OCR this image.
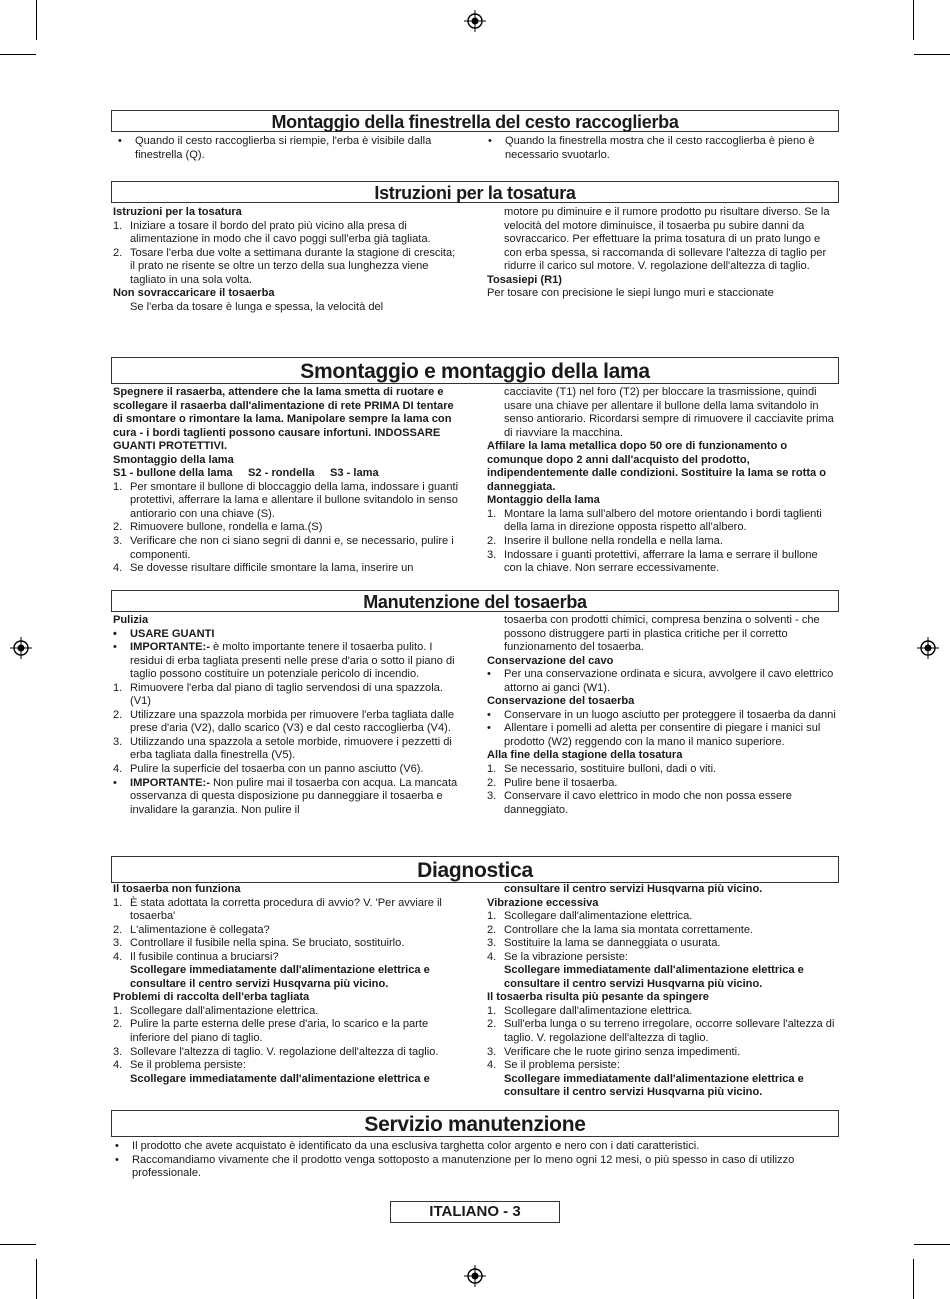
Montaggio della finestrella del cesto raccoglierba
• Quando il cesto raccoglierba si riempie, l'erba è visibile dalla finestrella (Q).
• Quando la finestrella mostra che il cesto raccoglierba è pieno è necessario svuotarlo.
Istruzioni per la tosatura

Istruzioni per la tosatura

1. Iniziare a tosare il bordo del prato più vicino alla presa di alimentazione in modo che il cavo poggi sull'erba già tagliata.
2. Tosare l'erba due volte a settimana durante la stagione di crescita; il prato ne risente se oltre un terzo della sua lunghezza viene tagliato in una sola volta.

Non sovraccaricare il tosaerba

Se l'erba da tosare è lunga e spessa, la velocità del

motore pu diminuire e il rumore prodotto pu risultare diverso. Se la velocità del motore diminuisce, il tosaerba pu subire danni da sovraccarico. Per effettuare la prima tosatura di un prato lungo e con erba spessa, si raccomanda di sollevare l'altezza di taglio per ridurre il carico sul motore. V. regolazione dell'altezza di taglio.

Tosasiepi (R1)

Per tosare con precisione le siepi lungo muri e staccionate

Smontaggio e montaggio della lama

Spegnere il rasaerba, attendere che la lama smetta di ruotare e scollegare il rasaerba dall'alimentazione di rete PRIMA DI tentare di smontare o rimontare la lama. Manipolare sempre la lama con cura - i bordi taglienti possono causare infortuni. INDOSSARE GUANTI PROTETTIVI.

Smontaggio della lama

S1 - bullone della lama     S2 - rondella     S3 - lama

1. Per smontare il bullone di bloccaggio della lama, indossare i guanti protettivi, afferrare la lama e allentare il bullone svitandolo in senso antiorario con una chiave (S).
2. Rimuovere bullone, rondella e lama.(S)
3. Verificare che non ci siano segni di danni e, se necessario, pulire i componenti.
4. Se dovesse risultare difficile smontare la lama, inserire un

cacciavite (T1) nel foro (T2) per bloccare la trasmissione, quindi usare una chiave per allentare il bullone della lama svitandolo in senso antiorario. Ricordarsi sempre di rimuovere il cacciavite prima di riavviare la macchina.

Affilare la lama metallica dopo 50 ore di funzionamento o comunque dopo 2 anni dall'acquisto del prodotto, indipendentemente dalle condizioni. Sostituire la lama se rotta o danneggiata.

Montaggio della lama

1. Montare la lama sull'albero del motore orientando i bordi taglienti della lama in direzione opposta rispetto all'albero.
2. Inserire il bullone nella rondella e nella lama.
3. Indossare i guanti protettivi, afferrare la lama e serrare il bullone con la chiave. Non serrare eccessivamente.
Manutenzione del tosaerba

Pulizia

• USARE GUANTI
• IMPORTANTE:- è molto importante tenere il tosaerba pulito. I residui di erba tagliata presenti nelle prese d'aria o sotto il piano di taglio possono costituire un potenziale pericolo di incendio.
1. Rimuovere l'erba dal piano di taglio servendosi di una spazzola. (V1)
2. Utilizzare una spazzola morbida per rimuovere l'erba tagliata dalle prese d'aria (V2), dallo scarico (V3) e dal cesto raccoglierba (V4).
3. Utilizzando una spazzola a setole morbide, rimuovere i pezzetti di erba tagliata dalla finestrella (V5).
4. Pulire la superficie del tosaerba con un panno asciutto (V6).
• IMPORTANTE:- Non pulire mai il tosaerba con acqua. La mancata osservanza di questa disposizione pu danneggiare il tosaerba e invalidare la garanzia. Non pulire il

tosaerba con prodotti chimici, compresa benzina o solventi - che possono distruggere parti in plastica critiche per il corretto funzionamento del tosaerba.

Conservazione del cavo

• Per una conservazione ordinata e sicura, avvolgere il cavo elettrico attorno ai ganci (W1).

Conservazione del tosaerba

• Conservare in un luogo asciutto per proteggere il tosaerba da danni
• Allentare i pomelli ad aletta per consentire di piegare i manici sul prodotto (W2) reggendo con la mano il manico superiore.

Alla fine della stagione della tosatura

1. Se necessario, sostituire bulloni, dadi o viti.
2. Pulire bene il tosaerba.
3. Conservare il cavo elettrico in modo che non possa essere danneggiato.
Diagnostica

Il tosaerba non funziona

1. È stata adottata la corretta procedura di avvio? V. 'Per avviare il tosaerba'
2. L'alimentazione è collegata?
3. Controllare il fusibile nella spina. Se bruciato, sostituirlo.
4. Il fusibile continua a bruciarsi?

Scollegare immediatamente dall'alimentazione elettrica e consultare il centro servizi Husqvarna più vicino.

Problemi di raccolta dell'erba tagliata

1. Scollegare dall'alimentazione elettrica.
2. Pulire la parte esterna delle prese d'aria, lo scarico e la parte inferiore del piano di taglio.
3. Sollevare l'altezza di taglio. V. regolazione dell'altezza di taglio.
4. Se il problema persiste:

Scollegare immediatamente dall'alimentazione elettrica e

consultare il centro servizi Husqvarna più vicino.

Vibrazione eccessiva

1. Scollegare dall'alimentazione elettrica.
2. Controllare che la lama sia montata correttamente.
3. Sostituire la lama se danneggiata o usurata.
4. Se la vibrazione persiste:

Scollegare immediatamente dall'alimentazione elettrica e consultare il centro servizi Husqvarna più vicino.

Il tosaerba risulta più pesante da spingere

1. Scollegare dall'alimentazione elettrica.
2. Sull'erba lunga o su terreno irregolare, occorre sollevare l'altezza di taglio. V. regolazione dell'altezza di taglio.
3. Verificare che le ruote girino senza impedimenti.
4. Se il problema persiste:

Scollegare immediatamente dall'alimentazione elettrica e consultare il centro servizi Husqvarna più vicino.

Servizio manutenzione
• Il prodotto che avete acquistato è identificato da una esclusiva targhetta color argento e nero con i dati caratteristici.
• Raccomandiamo vivamente che il prodotto venga sottoposto a manutenzione per lo meno ogni 12 mesi, o più spesso in caso di utilizzo professionale.
ITALIANO - 3
